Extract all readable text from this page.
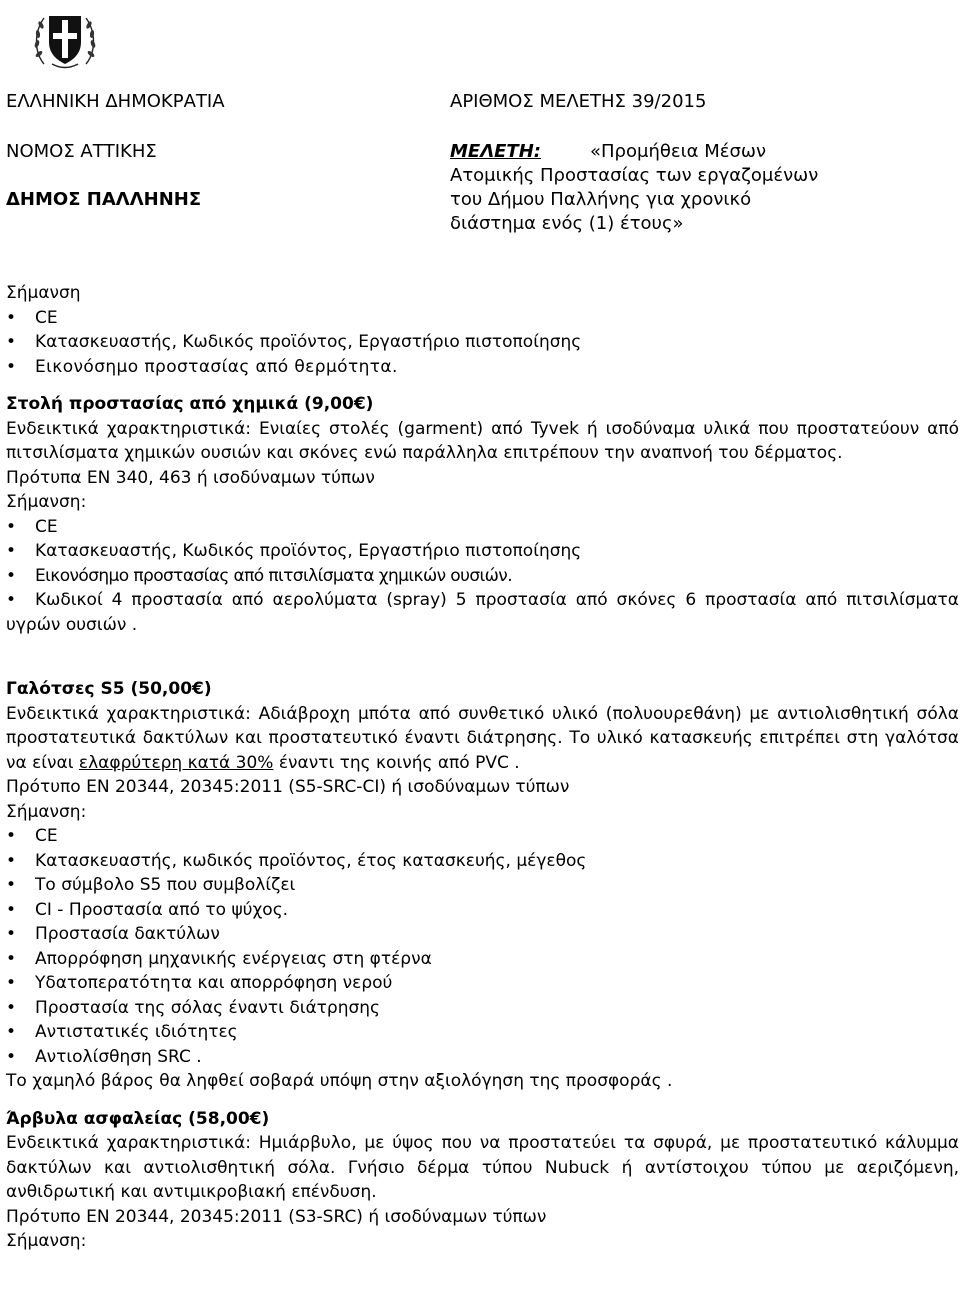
ΕΛΛΗΝΙΚΗ ΔΗΜΟΚΡΑΤΙΑ	ΑΡΙΘΜΟΣ ΜΕΛΕΤΗΣ 39/2015
ΝΟΜΟΣ ΑΤΤΙΚΗΣ
ΔΗΜΟΣ ΠΑΛΛΗΝΗΣ
ΜΕΛΕΤΗ:	«Προμήθεια Μέσων
Ατομικής Προστασίας των εργαζομένων
του Δήμου Παλλήνης για χρονικό
διάστημα ενός (1) έτους»

Σήμανση

• CE
• Κατασκευαστής, Κωδικός προϊόντος, Εργαστήριο πιστοποίησης
• Εικονόσημο προστασίας από θερμότητα.

Στολή προστασίας από χημικά (9,00€)

Ενδεικτικά χαρακτηριστικά: Ενιαίες στολές (garment) από Tyvek ή ισοδύναμα υλικά που προστατεύουν από πιτσιλίσματα χημικών ουσιών και σκόνες ενώ παράλληλα επιτρέπουν την αναπνοή του δέρματος.

Πρότυπα ΕΝ 340, 463 ή ισοδύναμων τύπων

Σήμανση:

• CE
• Κατασκευαστής, Κωδικός προϊόντος, Εργαστήριο πιστοποίησης
• Εικονόσημο προστασίας από πιτσιλίσματα χημικών ουσιών.
• Κωδικοί 4 προστασία από αερολύματα (spray) 5 προστασία από σκόνες 6 προστασία από πιτσιλίσματα υγρών ουσιών .

Γαλότσες S5 (50,00€)

Ενδεικτικά χαρακτηριστικά: Αδιάβροχη μπότα από συνθετικό υλικό (πολυουρεθάνη) με αντιολισθητική σόλα προστατευτικά δακτύλων και προστατευτικό έναντι διάτρησης. Το υλικό κατασκευής επιτρέπει στη γαλότσα να είναι ελαφρύτερη κατά 30% έναντι της κοινής από PVC .

Πρότυπο ΕΝ 20344, 20345:2011 (S5-SRC-CI) ή ισοδύναμων τύπων

Σήμανση:

• CE
• Κατασκευαστής, κωδικός προϊόντος, έτος κατασκευής, μέγεθος
• Το σύμβολο S5 που συμβολίζει
• CI - Προστασία από το ψύχος.
• Προστασία δακτύλων
• Απορρόφηση μηχανικής ενέργειας στη φτέρνα
• Υδατοπερατότητα και απορρόφηση νερού
• Προστασία της σόλας έναντι διάτρησης
• Αντιστατικές ιδιότητες
• Αντιολίσθηση SRC .

Το χαμηλό βάρος θα ληφθεί σοβαρά υπόψη στην αξιολόγηση της προσφοράς .

Άρβυλα ασφαλείας (58,00€)

Ενδεικτικά χαρακτηριστικά: Ημιάρβυλο, με ύψος που να προστατεύει τα σφυρά, με προστατευτικό κάλυμμα δακτύλων και αντιολισθητική σόλα. Γνήσιο δέρμα τύπου Nubuck ή αντίστοιχου τύπου με αεριζόμενη, ανθιδρωτική και αντιμικροβιακή επένδυση.

Πρότυπο ΕΝ 20344, 20345:2011 (S3-SRC) ή ισοδύναμων τύπων

Σήμανση:
